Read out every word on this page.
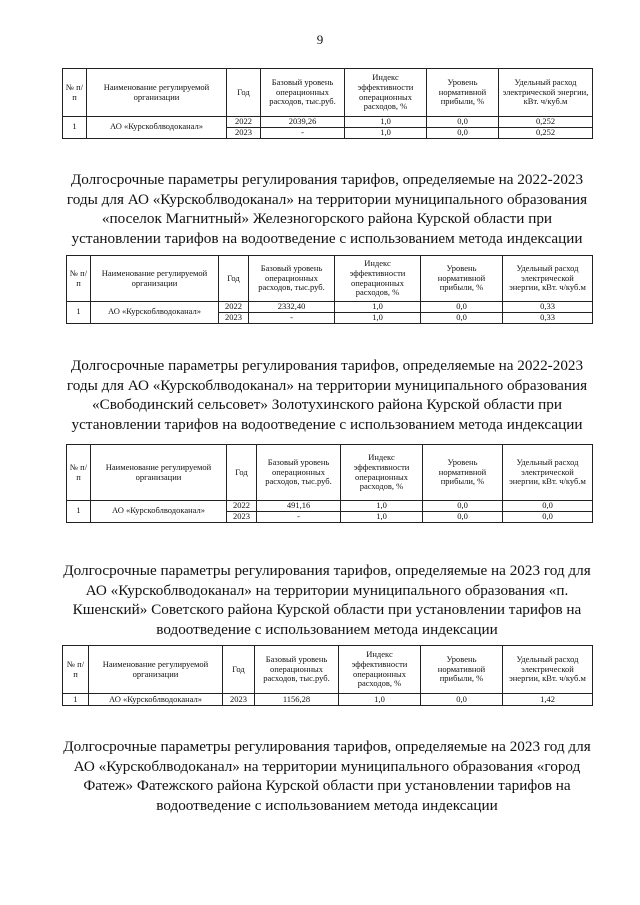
9
№ п/п	Наименование регулируемой организации	Год	Базовый уровень операционных расходов, тыс.руб.	Индекс эффективности операционных расходов, %	Уровень нормативной прибыли, %	Удельный расход электрической энергии, кВт. ч/куб.м
1	АО «Курскоблводоканал»	2022	2039,26	1,0	0,0	0,252
		2023	-	1,0	0,0	0,252

Долгосрочные параметры регулирования тарифов, определяемые на 2022-2023 годы для АО «Курскоблводоканал» на территории муниципального образования «поселок Магнитный» Железногорского района Курской области при установлении тарифов на водоотведение с использованием метода индексации

№ п/п	Наименование регулируемой организации	Год	Базовый уровень операционных расходов, тыс.руб.	Индекс эффективности операционных расходов, %	Уровень нормативной прибыли, %	Удельный расход электрической энергии, кВт. ч/куб.м
1	АО «Курскоблводоканал»	2022	2332,40	1,0	0,0	0,33
		2023	-	1,0	0,0	0,33

Долгосрочные параметры регулирования тарифов, определяемые на 2022-2023 годы для АО «Курскоблводоканал» на территории муниципального образования «Свободинский сельсовет» Золотухинского района Курской области при установлении тарифов на водоотведение с использованием метода индексации

№ п/п	Наименование регулируемой организации	Год	Базовый уровень операционных расходов, тыс.руб.	Индекс эффективности операционных расходов, %	Уровень нормативной прибыли, %	Удельный расход электрической энергии, кВт. ч/куб.м
1	АО «Курскоблводоканал»	2022	491,16	1,0	0,0	0,0
		2023	-	1,0	0,0	0,0

Долгосрочные параметры регулирования тарифов, определяемые на 2023 год для АО «Курскоблводоканал» на территории муниципального образования «п. Кшенский» Советского района Курской области при установлении тарифов на водоотведение с использованием метода индексации

№ п/п	Наименование регулируемой организации	Год	Базовый уровень операционных расходов, тыс.руб.	Индекс эффективности операционных расходов, %	Уровень нормативной прибыли, %	Удельный расход электрической энергии, кВт. ч/куб.м
1	АО «Курскоблводоканал»	2023	1156,28	1,0	0,0	1,42

Долгосрочные параметры регулирования тарифов, определяемые на 2023 год для АО «Курскоблводоканал» на территории муниципального образования «город Фатеж» Фатежского района Курской области при установлении тарифов на водоотведение с использованием метода индексации
